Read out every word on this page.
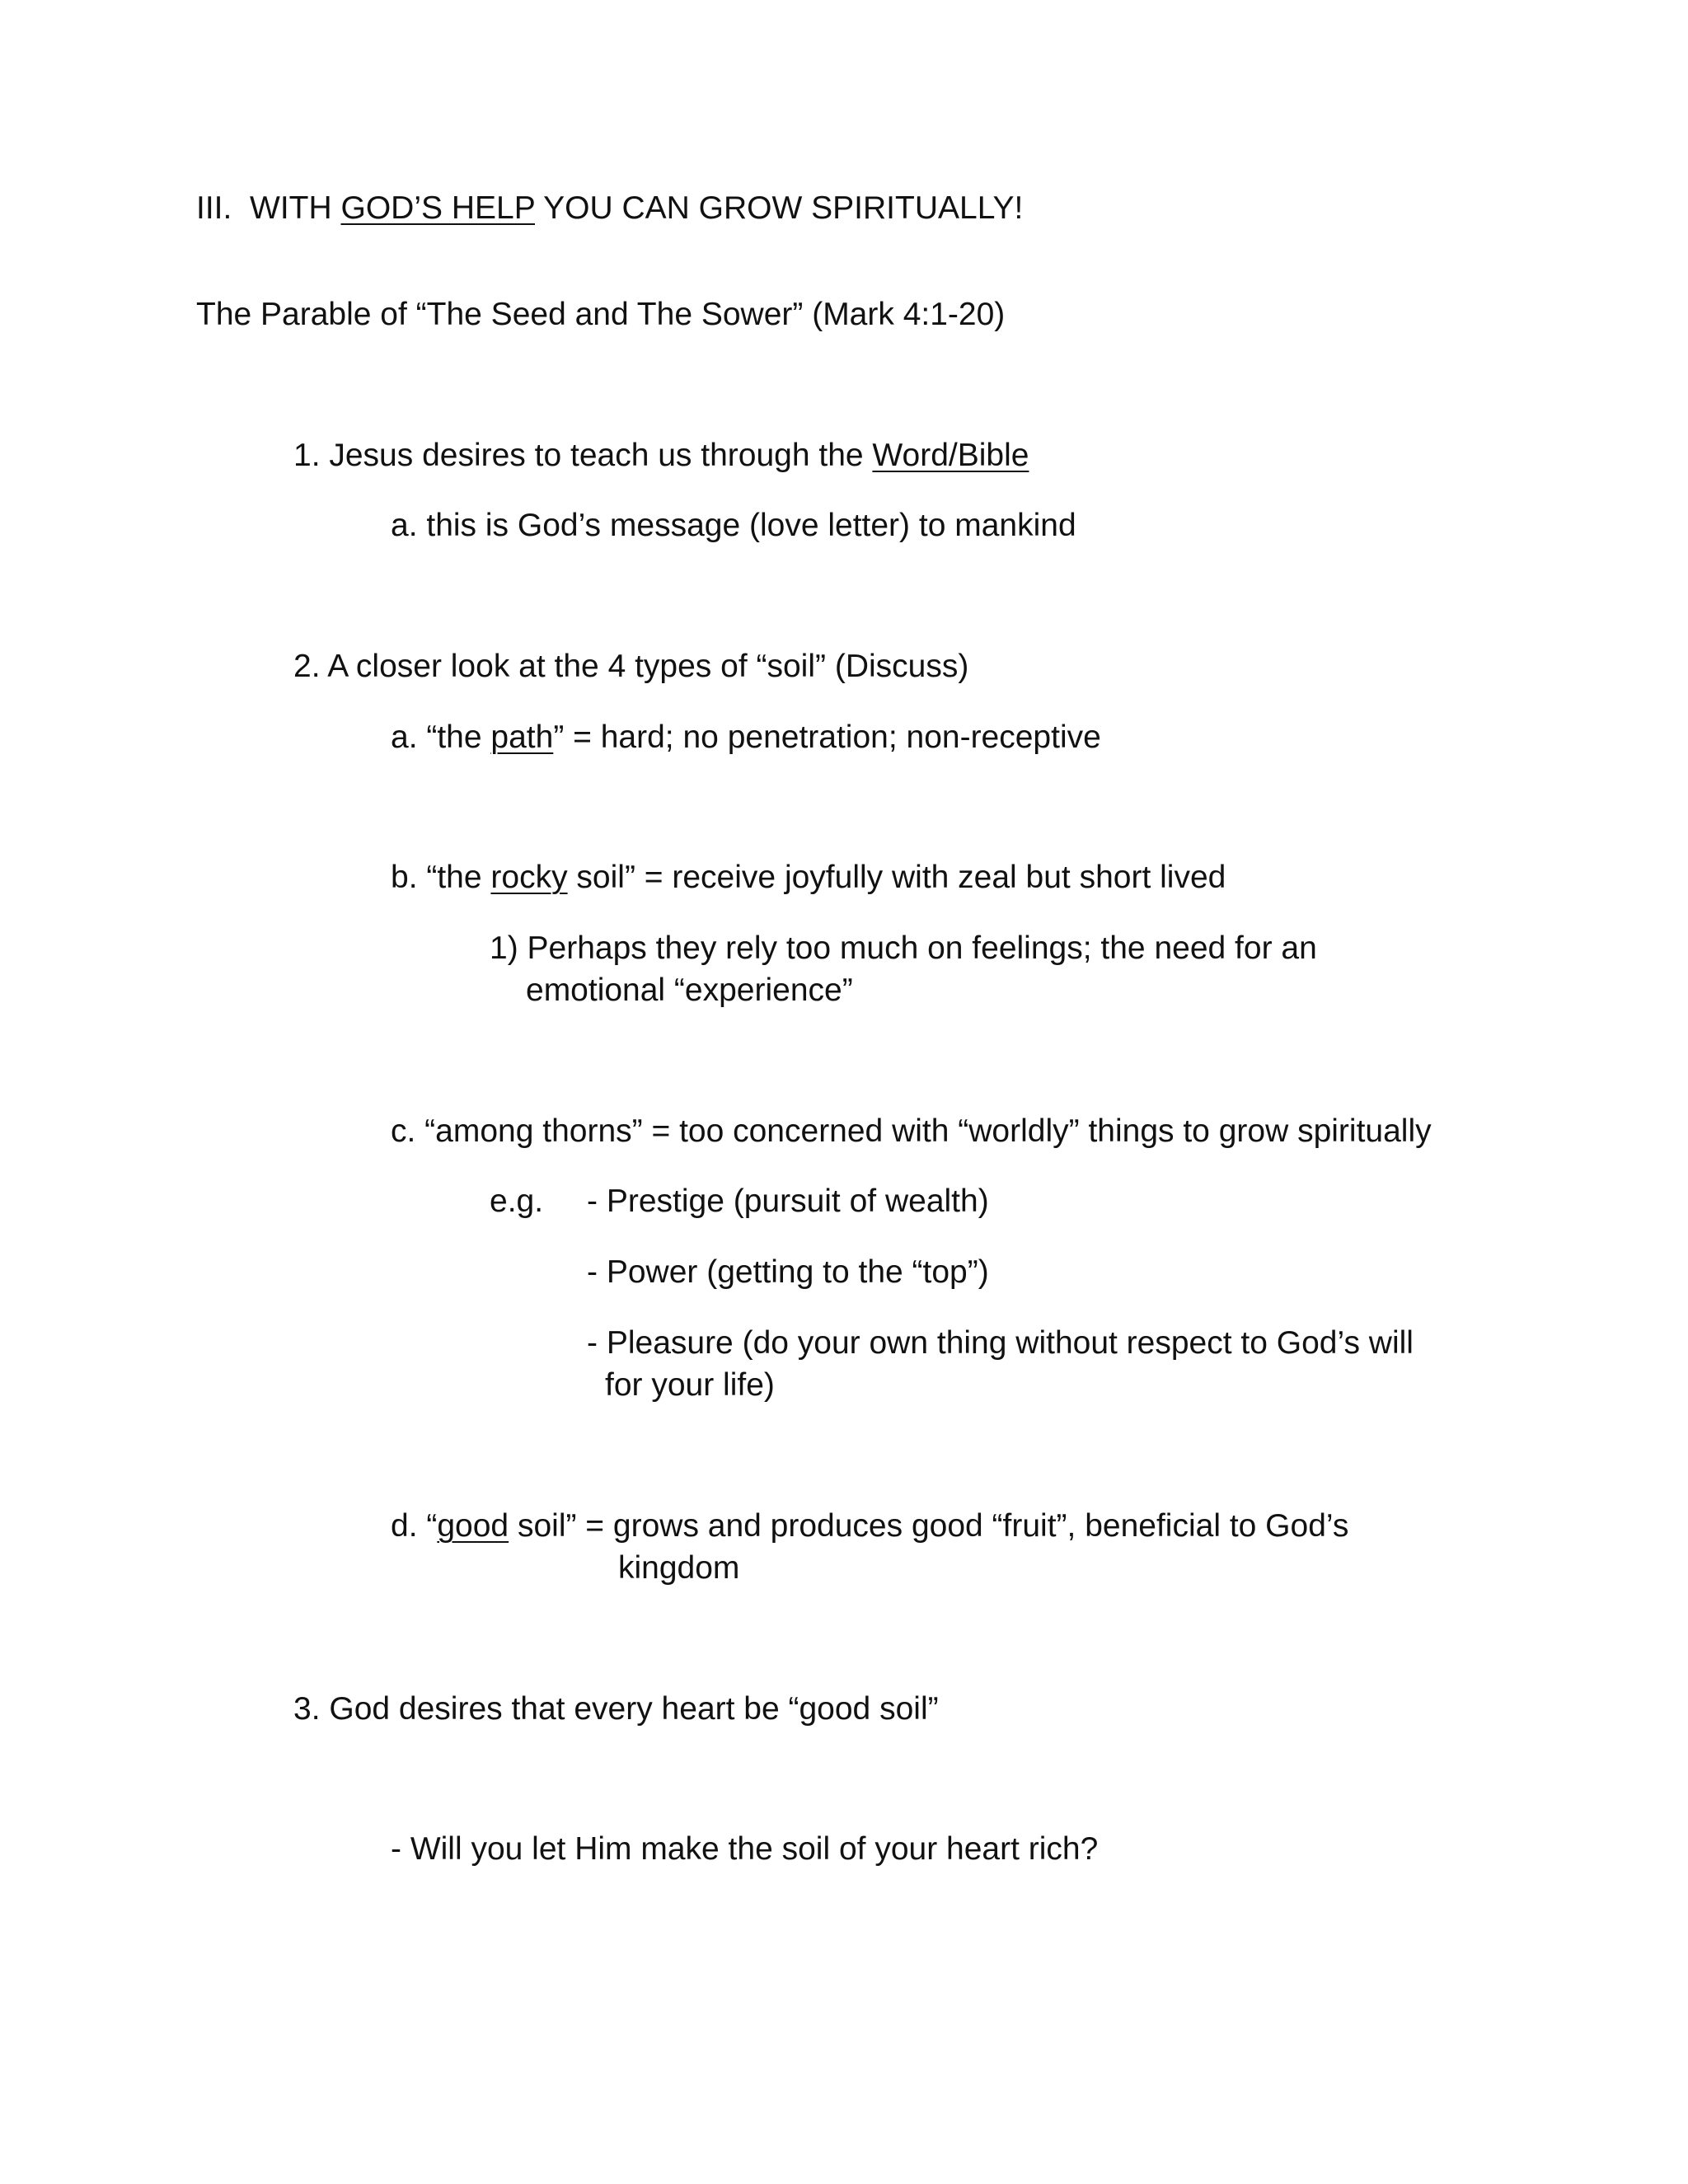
III.  WITH GOD’S HELP YOU CAN GROW SPIRITUALLY!
The Parable of “The Seed and The Sower” (Mark 4:1-20)
1. Jesus desires to teach us through the Word/Bible
a. this is God’s message (love letter) to mankind
2. A closer look at the 4 types of “soil” (Discuss)
a. “the path” = hard; no penetration; non-receptive
b. “the rocky soil” = receive joyfully with zeal but short lived
1) Perhaps they rely too much on feelings; the need for an
emotional “experience”
c. “among thorns” = too concerned with “worldly” things to grow spiritually
e.g. - Prestige (pursuit of wealth)
- Power (getting to the “top”)
- Pleasure (do your own thing without respect to God’s will
for your life)
d. “good soil” = grows and produces good “fruit”, beneficial to God’s
kingdom
3. God desires that every heart be “good soil”
- Will you let Him make the soil of your heart rich?
